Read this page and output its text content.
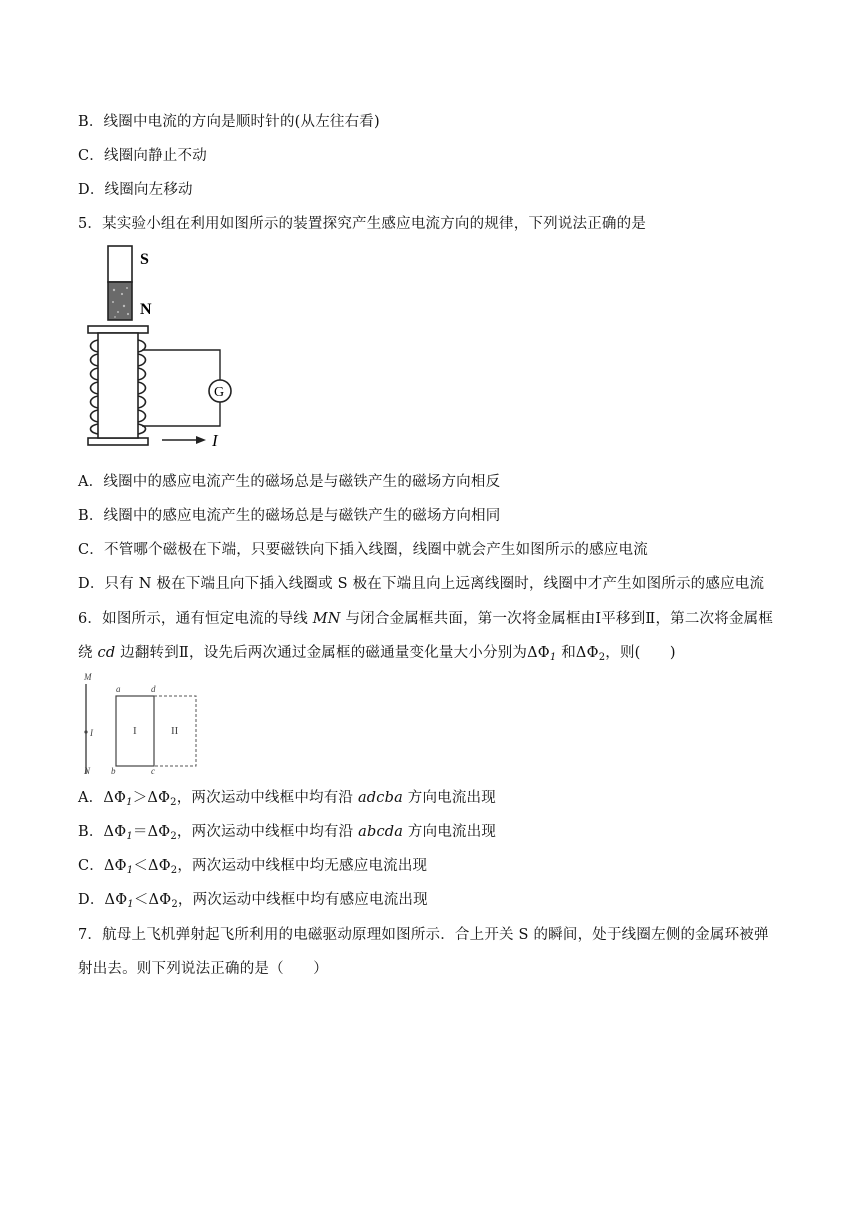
B．线圈中电流的方向是顺时针的(从左往右看)
C．线圈向静止不动
D．线圈向左移动
5．某实验小组在利用如图所示的装置探究产生感应电流方向的规律，下列说法正确的是
S
N
G
I
A．线圈中的感应电流产生的磁场总是与磁铁产生的磁场方向相反
B．线圈中的感应电流产生的磁场总是与磁铁产生的磁场方向相同
C．不管哪个磁极在下端，只要磁铁向下插入线圈，线圈中就会产生如图所示的感应电流
D．只有 N 极在下端且向下插入线圈或 S 极在下端且向上远离线圈时，线圈中才产生如图所示的感应电流
6．如图所示，通有恒定电流的导线 MN 与闭合金属框共面，第一次将金属框由Ⅰ平移到Ⅱ，第二次将金属框
绕 cd 边翻转到Ⅱ，设先后两次通过金属框的磁通量变化量大小分别为$\Delta\Phi_1$ 和$\Delta\Phi_2$，则(　　)
M
N
I
a	d
b	c
I	II
A．$\Delta\Phi_1>\Delta\Phi_2$，两次运动中线框中均有沿 adcba 方向电流出现
B．$\Delta\Phi_1=\Delta\Phi_2$，两次运动中线框中均有沿 abcda 方向电流出现
C．$\Delta\Phi_1<\Delta\Phi_2$，两次运动中线框中均无感应电流出现
D．$\Delta\Phi_1<\Delta\Phi_2$，两次运动中线框中均有感应电流出现
7．航母上飞机弹射起飞所利用的电磁驱动原理如图所示．合上开关 S 的瞬间，处于线圈左侧的金属环被弹
射出去。则下列说法正确的是（　　）
